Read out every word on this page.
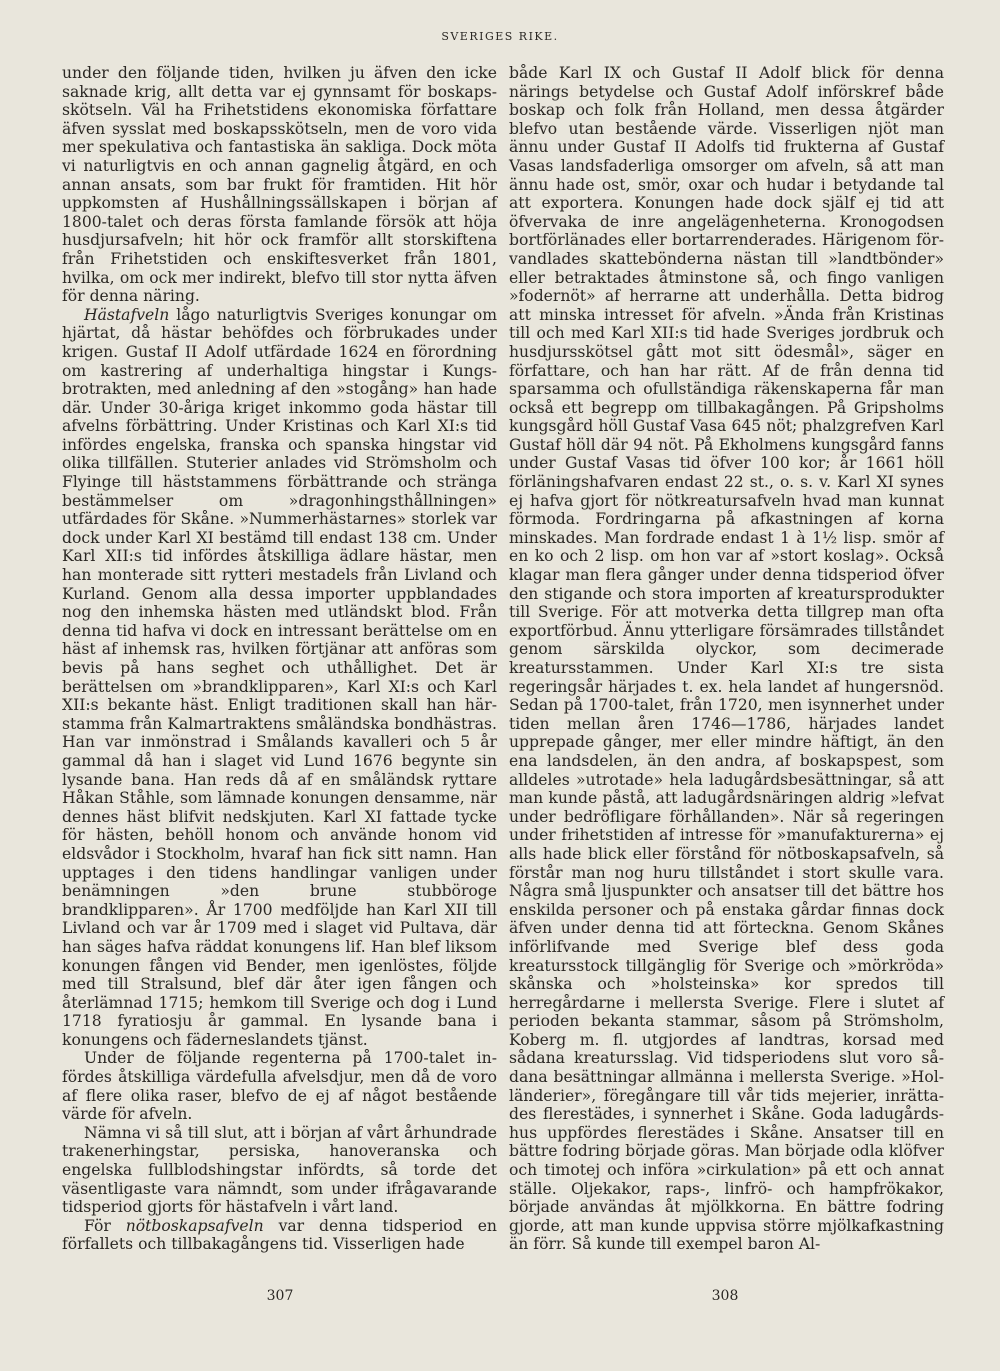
SVERIGES RIKE.

under den följande tiden, hvilken ju äfven den icke saknade krig, allt detta var ej gynnsamt för boskapsskötseln. Väl ha Frihetstidens ekonomiska författare äfven sysslat med boskapsskötseln, men de voro vida mer spekulativa och fantastiska än sakliga. Dock möta vi naturligtvis en och annan gagnelig åtgärd, en och annan ansats, som bar frukt för framtiden. Hit hör uppkomsten af Hushållningssällskapen i början af 1800-talet och deras första famlande försök att höja husdjursafveln; hit hör ock framför allt storskiftena från Frihetstiden och enskiftesverket från 1801, hvilka, om ock mer indirekt, blefvo till stor nytta äfven för denna näring.

Hästafveln lågo naturligtvis Sveriges konungar om hjärtat, då hästar behöfdes och förbrukades under krigen. Gustaf II Adolf utfärdade 1624 en förordning om kastrering af underhaltiga hingstar i Kungsbrotrakten, med anledning af den »stogång» han hade där. Under 30-åriga kriget inkommo goda hästar till afvelns förbättring. Under Kristinas och Karl XI:s tid infördes engelska, franska och spanska hingstar vid olika tillfällen. Stuterier anlades vid Strömsholm och Flyinge till häststammens förbättrande och stränga bestämmelser om »dragonhingsthållningen» utfärdades för Skåne. »Nummerhästarnes» storlek var dock under Karl XI bestämd till endast 138 cm. Under Karl XII:s tid infördes åtskilliga ädlare hästar, men han monterade sitt rytteri mestadels från Livland och Kurland. Genom alla dessa importer uppblandades nog den inhemska hästen med utländskt blod. Från denna tid hafva vi dock en intressant berättelse om en häst af inhemsk ras, hvilken förtjänar att anföras som bevis på hans seghet och uthållighet. Det är berättelsen om »brandklipparen», Karl XI:s och Karl XII:s bekante häst. Enligt traditionen skall han härstamma från Kalmartraktens småländska bondhästras. Han var inmönstrad i Smålands kavalleri och 5 år gammal då han i slaget vid Lund 1676 begynte sin lysande bana. Han reds då af en småländsk ryttare Håkan Ståhle, som lämnade konungen densamme, när dennes häst blifvit nedskjuten. Karl XI fattade tycke för hästen, behöll honom och använde honom vid eldsvådor i Stockholm, hvaraf han fick sitt namn. Han upptages i den tidens handlingar vanligen under benämningen »den brune stubböroge brandklipparen». År 1700 medföljde han Karl XII till Livland och var år 1709 med i slaget vid Pultava, där han säges hafva räddat konungens lif. Han blef liksom konungen fången vid Bender, men igenlöstes, följde med till Stralsund, blef där åter igen fången och återlämnad 1715; hemkom till Sverige och dog i Lund 1718 fyratiosju år gammal. En lysande bana i konungens och fäderneslandets tjänst.

Under de följande regenterna på 1700-talet infördes åtskilliga värdefulla afvelsdjur, men då de voro af flere olika raser, blefvo de ej af något bestående värde för afveln.

Nämna vi så till slut, att i början af vårt århundrade trakenerhingstar, persiska, hanoveranska och engelska fullblodshingstar infördts, så torde det väsentligaste vara nämndt, som under ifrågavarande tidsperiod gjorts för hästafveln i vårt land.

För nötboskapsafveln var denna tidsperiod en förfallets och tillbakagångens tid. Visserligen hade

både Karl IX och Gustaf II Adolf blick för denna närings betydelse och Gustaf Adolf införskref både boskap och folk från Holland, men dessa åtgärder blefvo utan bestående värde. Visserligen njöt man ännu under Gustaf II Adolfs tid frukterna af Gustaf Vasas landsfaderliga omsorger om afveln, så att man ännu hade ost, smör, oxar och hudar i betydande tal att exportera. Konungen hade dock själf ej tid att öfvervaka de inre angelägenheterna. Kronogodsen bortförlänades eller bortarrenderades. Härigenom förvandlades skattebönderna nästan till »landtbönder» eller betraktades åtminstone så, och fingo vanligen »fodernöt» af herrarne att underhålla. Detta bidrog att minska intresset för afveln. »Ända från Kristinas till och med Karl XII:s tid hade Sveriges jordbruk och husdjursskötsel gått mot sitt ödesmål», säger en författare, och han har rätt. Af de från denna tid sparsamma och ofullständiga räkenskaperna får man också ett begrepp om tillbakagången. På Gripsholms kungsgård höll Gustaf Vasa 645 nöt; phalzgrefven Karl Gustaf höll där 94 nöt. På Ekholmens kungsgård fanns under Gustaf Vasas tid öfver 100 kor; år 1661 höll förläningshafvaren endast 22 st., o. s. v. Karl XI synes ej hafva gjort för nötkreatursafveln hvad man kunnat förmoda. Fordringarna på afkastningen af korna minskades. Man fordrade endast 1 à 1½ lisp. smör af en ko och 2 lisp. om hon var af »stort koslag». Också klagar man flera gånger under denna tidsperiod öfver den stigande och stora importen af kreatursprodukter till Sverige. För att motverka detta tillgrep man ofta exportförbud. Ännu ytterligare försämrades tillståndet genom särskilda olyckor, som decimerade kreatursstammen. Under Karl XI:s tre sista regeringsår härjades t. ex. hela landet af hungersnöd. Sedan på 1700-talet, från 1720, men isynnerhet under tiden mellan åren 1746—1786, härjades landet upprepade gånger, mer eller mindre häftigt, än den ena landsdelen, än den andra, af boskapspest, som alldeles »utrotade» hela ladugårdsbesättningar, så att man kunde påstå, att ladugårdsnäringen aldrig »lefvat under bedröfligare förhållanden». När så regeringen under frihetstiden af intresse för »manufakturerna» ej alls hade blick eller förstånd för nötboskapsafveln, så förstår man nog huru tillståndet i stort skulle vara. Några små ljuspunkter och ansatser till det bättre hos enskilda personer och på enstaka gårdar finnas dock äfven under denna tid att förteckna. Genom Skånes införlifvande med Sverige blef dess goda kreatursstock tillgänglig för Sverige och »mörkröda» skånska och »holsteinska» kor spredos till herregårdarne i mellersta Sverige. Flere i slutet af perioden bekanta stammar, såsom på Strömsholm, Koberg m. fl. utgjordes af landtras, korsad med sådana kreatursslag. Vid tidsperiodens slut voro sådana besättningar allmänna i mellersta Sverige. »Holländerier», föregångare till vår tids mejerier, inrättades flerestädes, i synnerhet i Skåne. Goda ladugårdshus uppfördes flerestädes i Skåne. Ansatser till en bättre fodring började göras. Man började odla klöfver och timotej och införa »cirkulation» på ett och annat ställe. Oljekakor, raps-, linfrö- och hampfrökakor, började användas åt mjölkkorna. En bättre fodring gjorde, att man kunde uppvisa större mjölkafkastning än förr. Så kunde till exempel baron Al-

307	308
